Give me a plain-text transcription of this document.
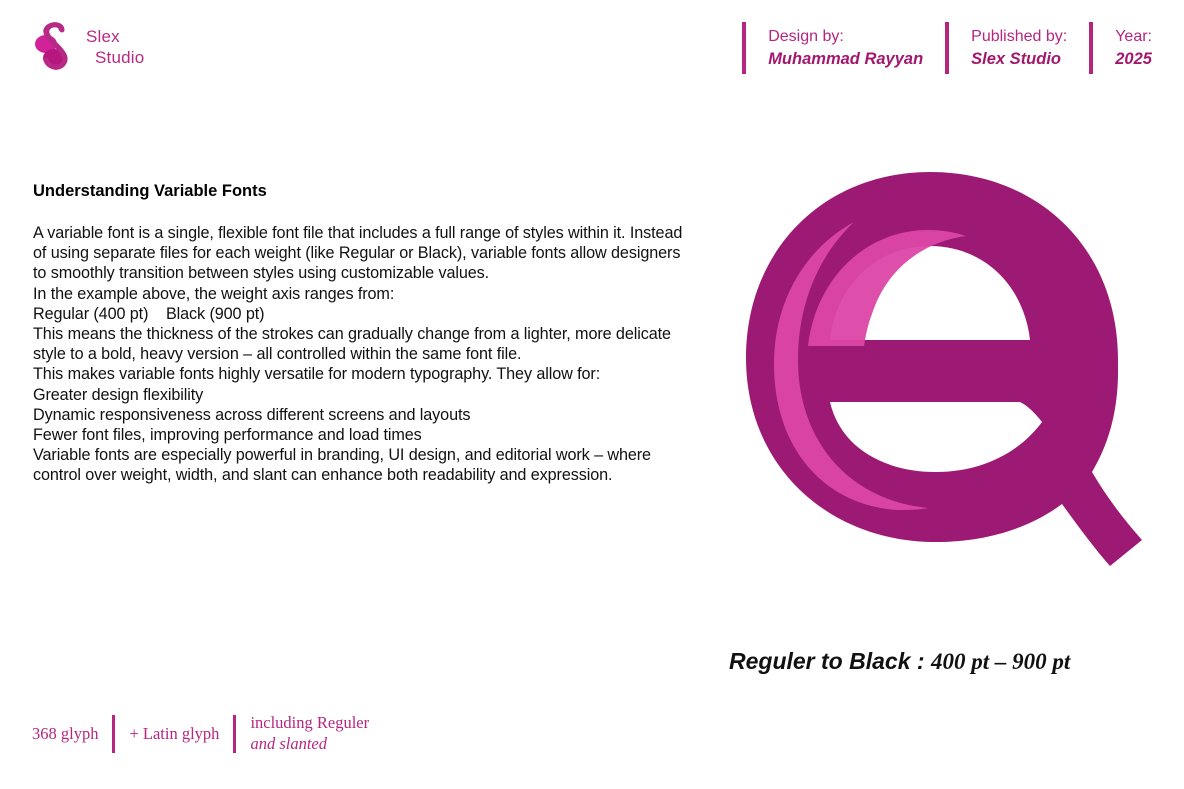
Slex
Studio
Design by:
Muhammad Rayyan
Published by:
Slex Studio
Year:
2025
Understanding Variable Fonts

A variable font is a single, flexible font file that includes a full range of styles within it. Instead of using separate files for each weight (like Regular or Black), variable fonts allow designers to smoothly transition between styles using customizable values.

In the example above, the weight axis ranges from:

Regular (400 pt)    Black (900 pt)

This means the thickness of the strokes can gradually change from a lighter, more delicate style to a bold, heavy version – all controlled within the same font file.

This makes variable fonts highly versatile for modern typography. They allow for:

Greater design flexibility

Dynamic responsiveness across different screens and layouts

Fewer font files, improving performance and load times

Variable fonts are especially powerful in branding, UI design, and editorial work – where control over weight, width, and slant can enhance both readability and expression.

Reguler to Black : 400 pt – 900 pt
368 glyph	+ Latin glyph
including Reguler
and slanted
